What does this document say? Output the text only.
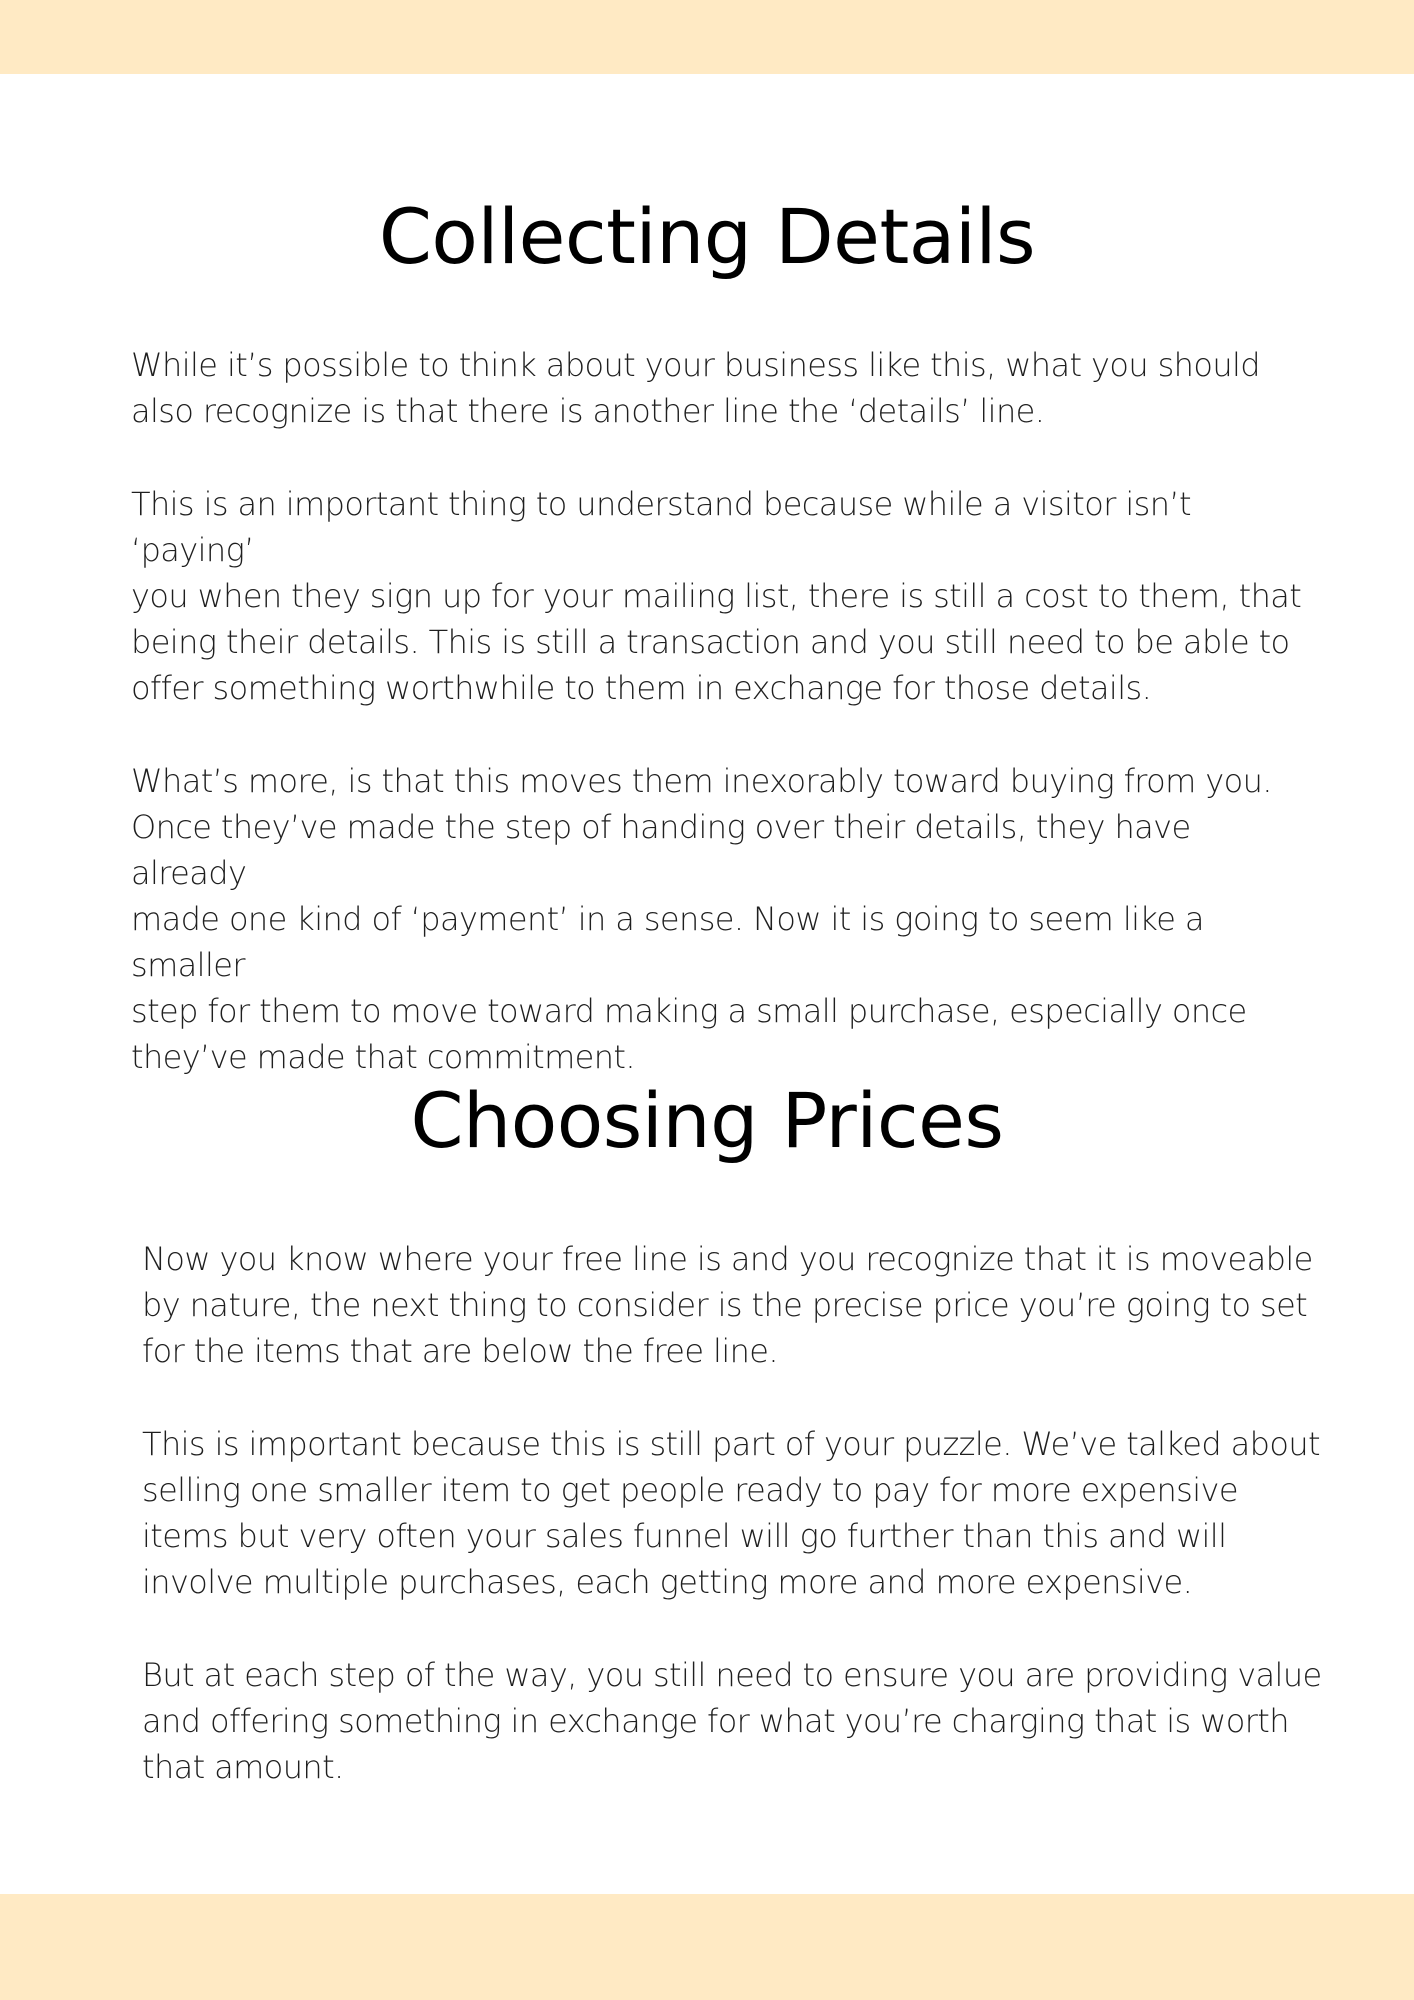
Collecting Details

While it’s possible to think about your business like this, what you should
also recognize is that there is another line the ‘details’ line.

This is an important thing to understand because while a visitor isn’t ‘paying’
you when they sign up for your mailing list, there is still a cost to them, that
being their details. This is still a transaction and you still need to be able to
offer something worthwhile to them in exchange for those details.

What’s more, is that this moves them inexorably toward buying from you.
Once they’ve made the step of handing over their details, they have already
made one kind of ‘payment’ in a sense. Now it is going to seem like a smaller
step for them to move toward making a small purchase, especially once
they’ve made that commitment.

Choosing Prices

Now you know where your free line is and you recognize that it is moveable
by nature, the next thing to consider is the precise price you’re going to set
for the items that are below the free line.

This is important because this is still part of your puzzle. We’ve talked about
selling one smaller item to get people ready to pay for more expensive
items but very often your sales funnel will go further than this and will
involve multiple purchases, each getting more and more expensive.

But at each step of the way, you still need to ensure you are providing value
and offering something in exchange for what you’re charging that is worth
that amount.
